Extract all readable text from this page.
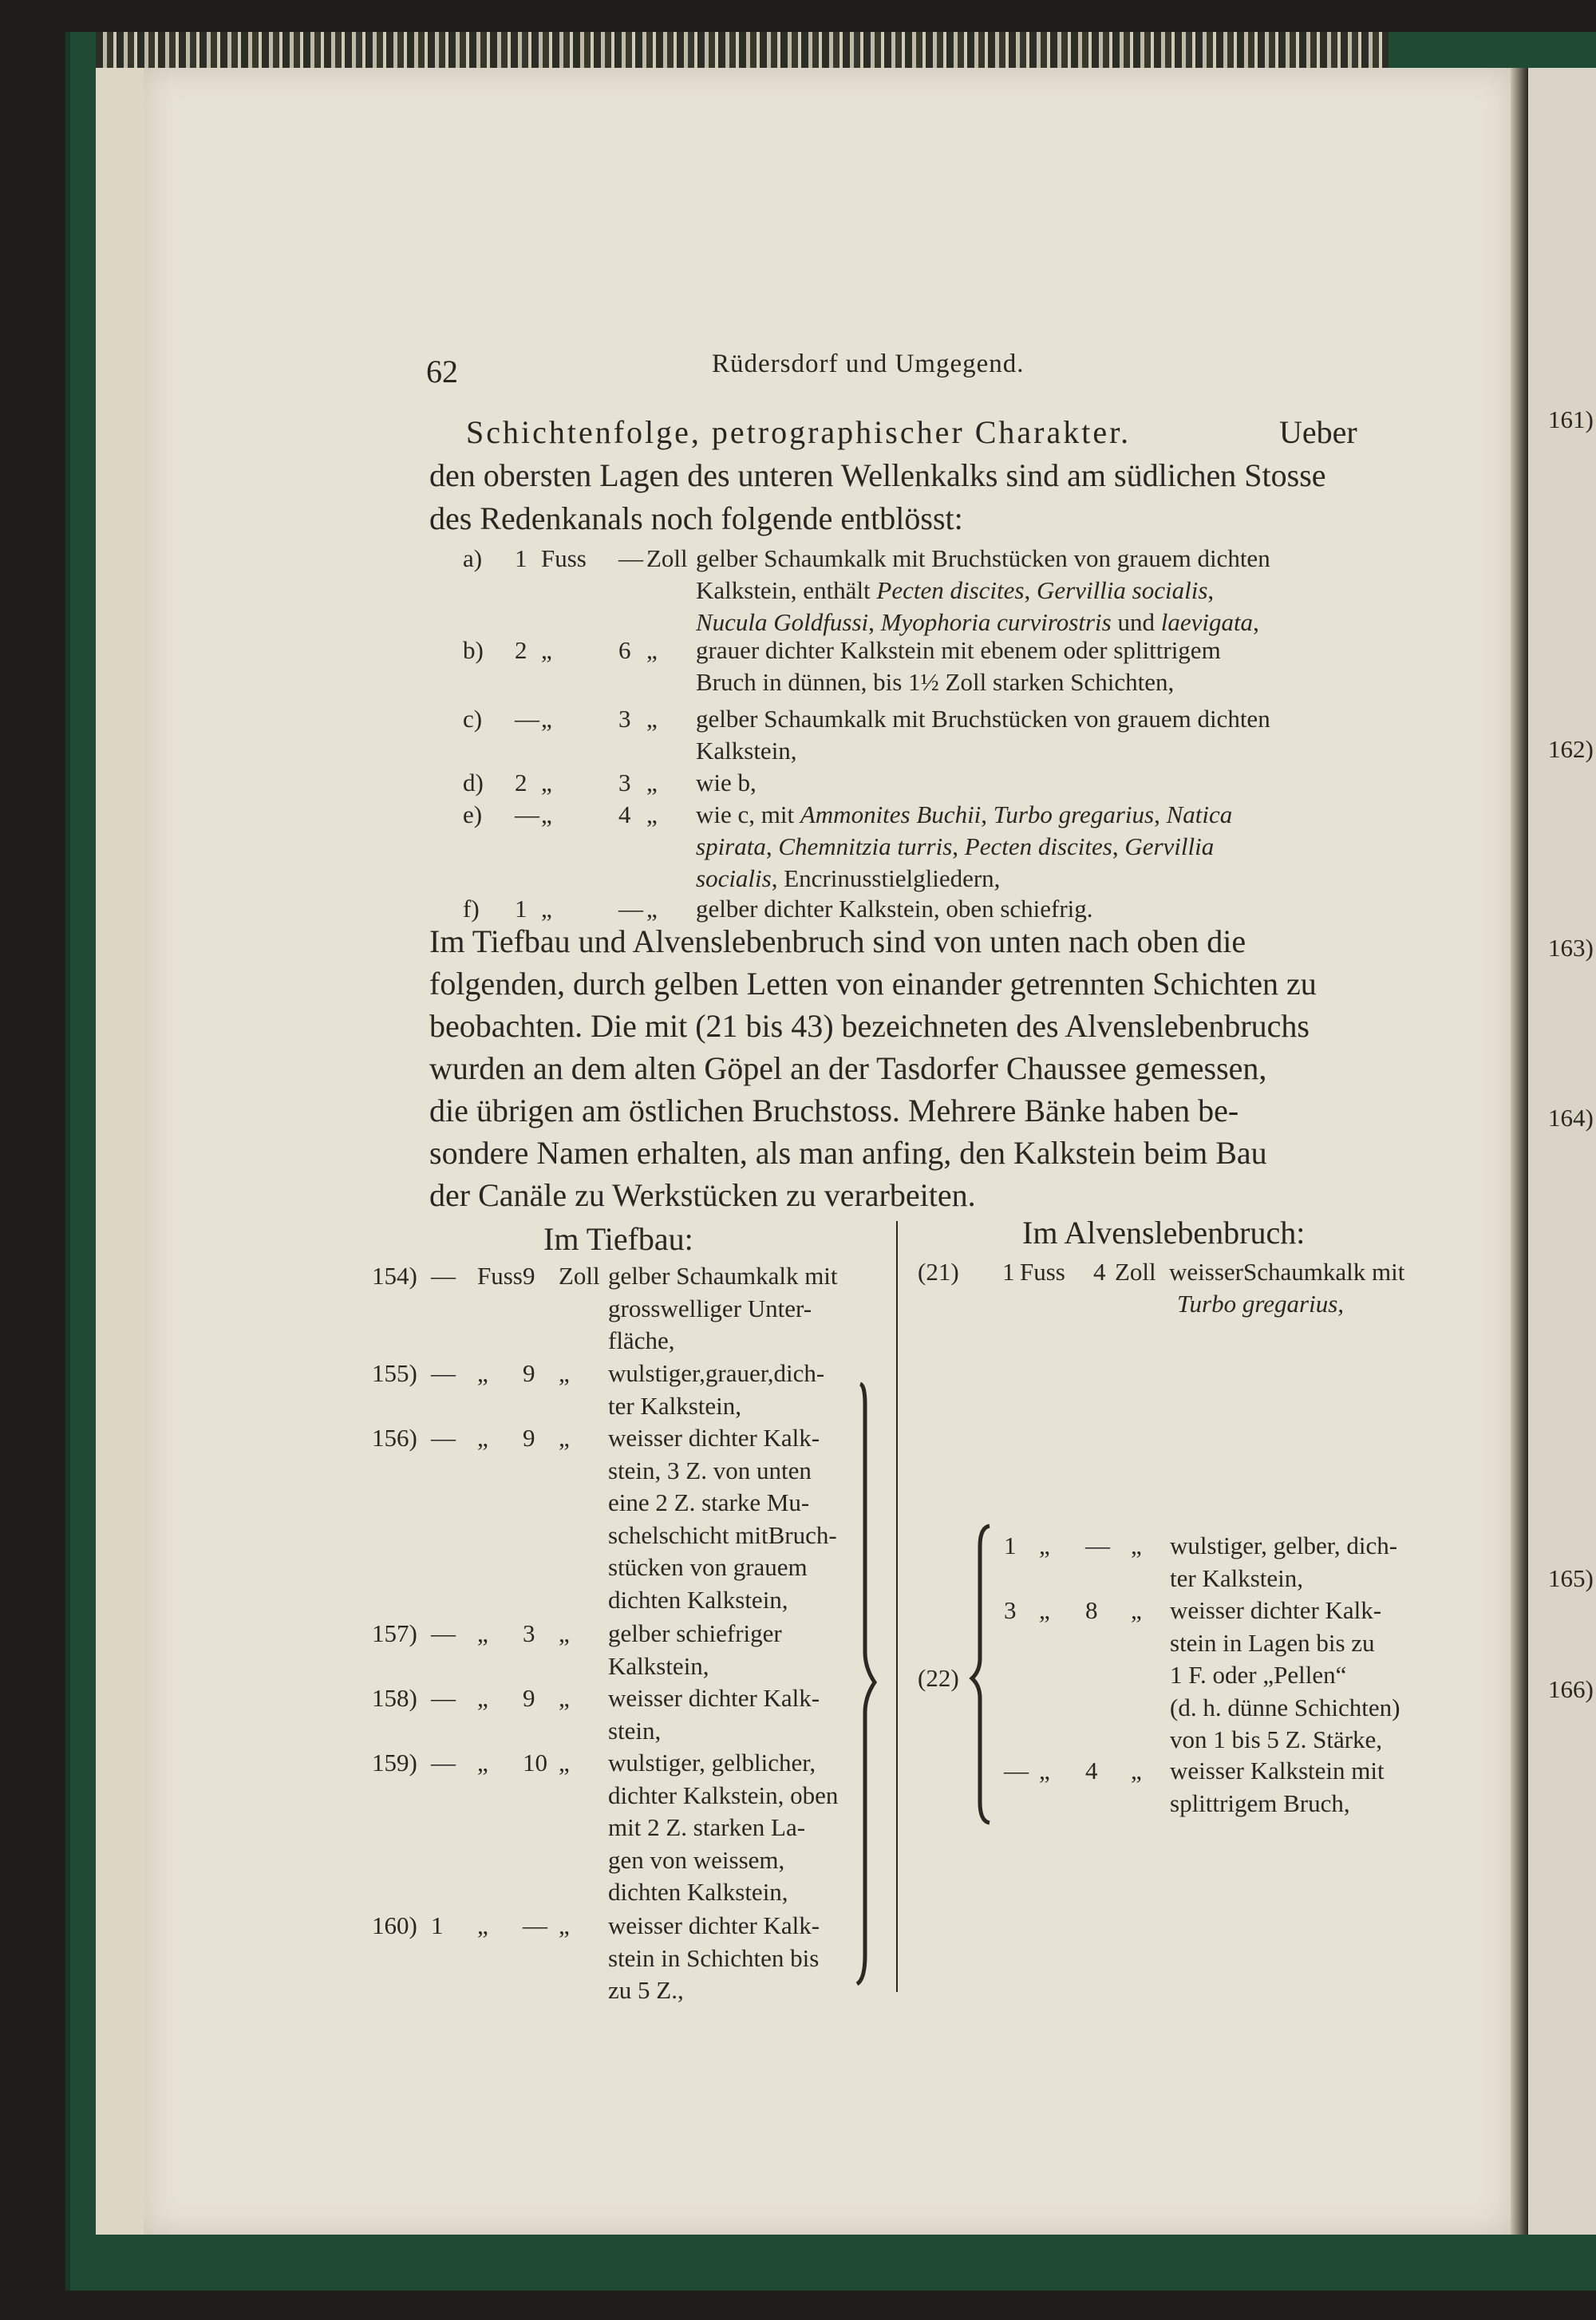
62	Rüdersdorf und Umgegend.
Schichtenfolge, petrographischer Charakter.	Ueber
den obersten Lagen des unteren Wellenkalks sind am südlichen Stosse
des Redenkanals noch folgende entblösst:
a) 1 Fuss — Zoll gelber Schaumkalk mit Bruchstücken von grauem dichten
Kalkstein, enthält Pecten discites, Gervillia socialis,
Nucula Goldfussi, Myophoria curvirostris und laevigata,
b) 2 „	6 „ grauer dichter Kalkstein mit ebenem oder splittrigem
Bruch in dünnen, bis 1½ Zoll starken Schichten,
c) — „	3 „ gelber Schaumkalk mit Bruchstücken von grauem dichten
Kalkstein,
d) 2 „	3 „ wie b,
e) — „	4 „ wie c, mit Ammonites Buchii, Turbo gregarius, Natica
spirata, Chemnitzia turris, Pecten discites, Gervillia
socialis, Encrinusstielgliedern,
f) 1 „	— „ gelber dichter Kalkstein, oben schiefrig.
Im Tiefbau und Alvenslebenbruch sind von unten nach oben die
folgenden, durch gelben Letten von einander getrennten Schichten zu
beobachten. Die mit (21 bis 43) bezeichneten des Alvenslebenbruchs
wurden an dem alten Göpel an der Tasdorfer Chaussee gemessen,
die übrigen am östlichen Bruchstoss. Mehrere Bänke haben be-
sondere Namen erhalten, als man anfing, den Kalkstein beim Bau
der Canäle zu Werkstücken zu verarbeiten.
Im Tiefbau:	Im Alvenslebenbruch:
154) — Fuss 9 Zoll gelber Schaumkalk mit
grosswelliger Unter-
fläche,
155) — „ 9 „ wulstiger,grauer,dich-
ter Kalkstein,
156) — „ 9 „ weisser dichter Kalk-
stein, 3 Z. von unten
eine 2 Z. starke Mu-
schelschicht mitBruch-
stücken von grauem
dichten Kalkstein,
157) — „ 3 „ gelber schiefriger
Kalkstein,
158) — „ 9 „ weisser dichter Kalk-
stein,
159) — „ 10 „ wulstiger, gelblicher,
dichter Kalkstein, oben
mit 2 Z. starken La-
gen von weissem,
dichten Kalkstein,
160) 1 „ — „ weisser dichter Kalk-
stein in Schichten bis
zu 5 Z.,
(21) 1 Fuss 4 Zoll weisserSchaumkalk mit
Turbo gregarius,
(22)
1 „ — „ wulstiger, gelber, dich-
ter Kalkstein,
3 „ 8 „ weisser dichter Kalk-
stein in Lagen bis zu
1 F. oder „Pellen“
(d. h. dünne Schichten)
von 1 bis 5 Z. Stärke,
— „ 4 „ weisser Kalkstein mit
splittrigem Bruch,
161)
162)
163)
164)
165)
166)
